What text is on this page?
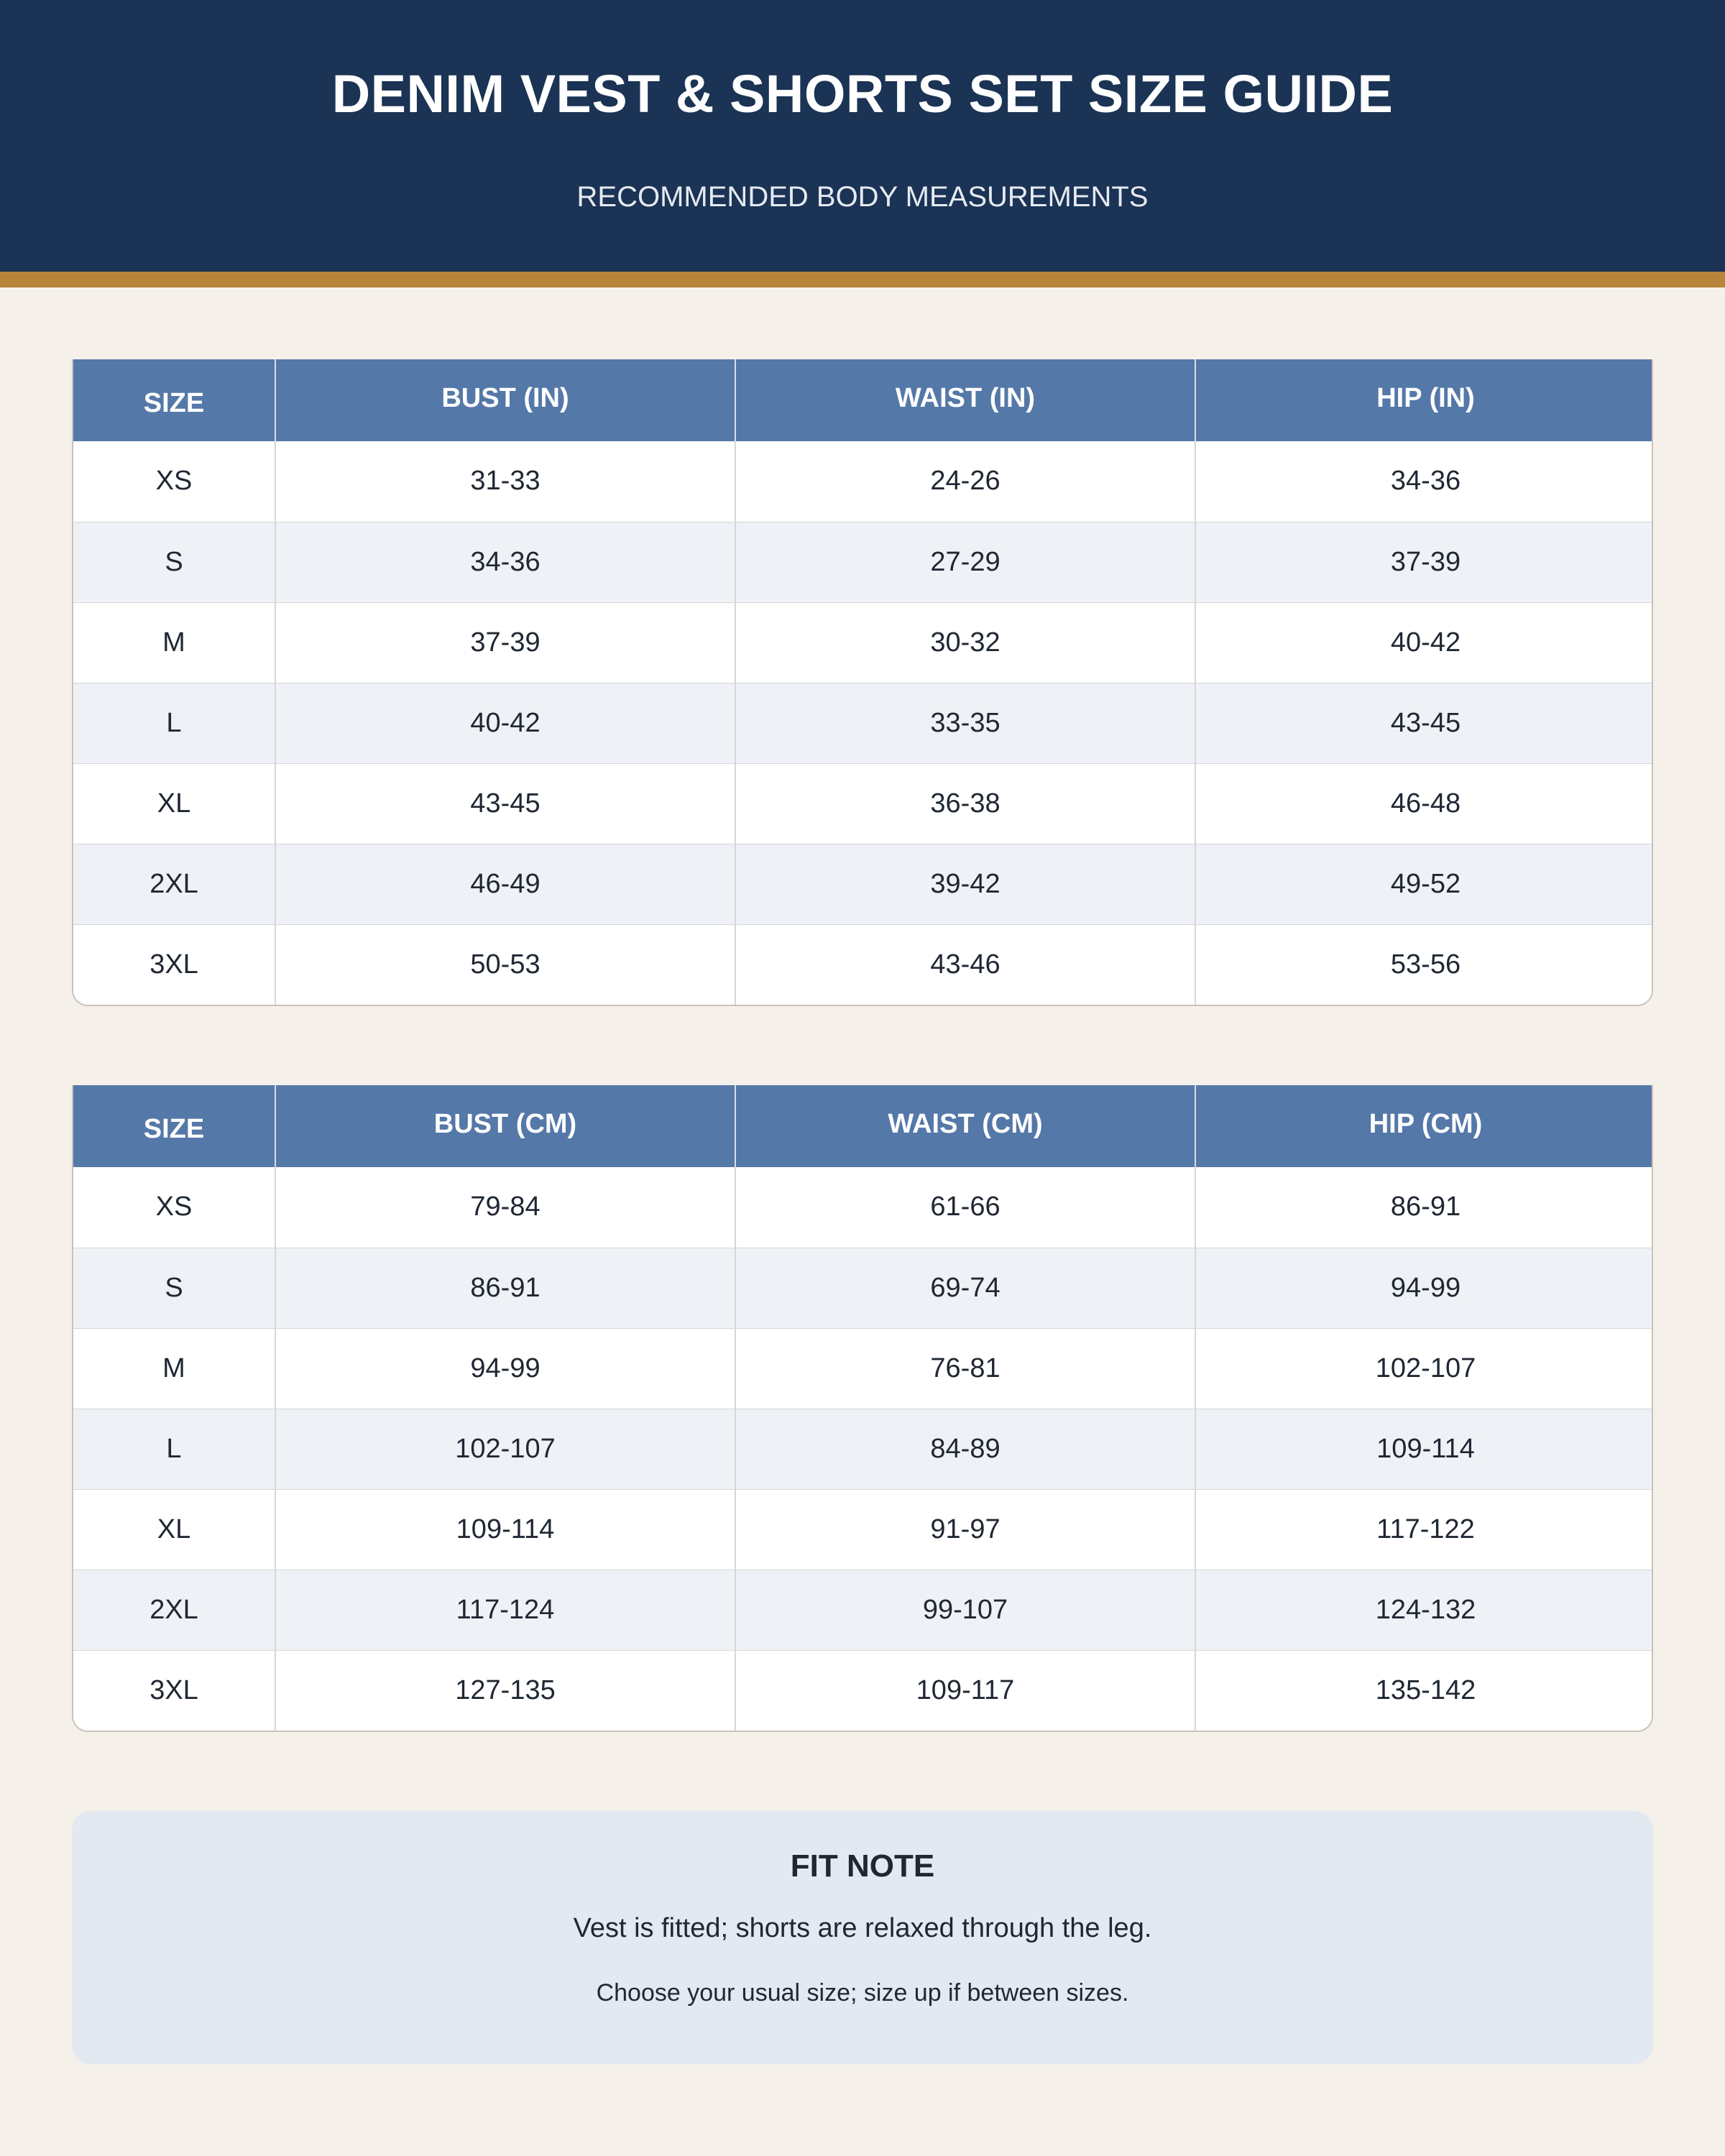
DENIM VEST & SHORTS SET SIZE GUIDE
RECOMMENDED BODY MEASUREMENTS
SIZE	BUST (IN)	WAIST (IN)	HIP (IN)
XS	31-33	24-26	34-36
S	34-36	27-29	37-39
M	37-39	30-32	40-42
L	40-42	33-35	43-45
XL	43-45	36-38	46-48
2XL	46-49	39-42	49-52
3XL	50-53	43-46	53-56
SIZE	BUST (CM)	WAIST (CM)	HIP (CM)
XS	79-84	61-66	86-91
S	86-91	69-74	94-99
M	94-99	76-81	102-107
L	102-107	84-89	109-114
XL	109-114	91-97	117-122
2XL	117-124	99-107	124-132
3XL	127-135	109-117	135-142
FIT NOTE
Vest is fitted; shorts are relaxed through the leg.
Choose your usual size; size up if between sizes.
